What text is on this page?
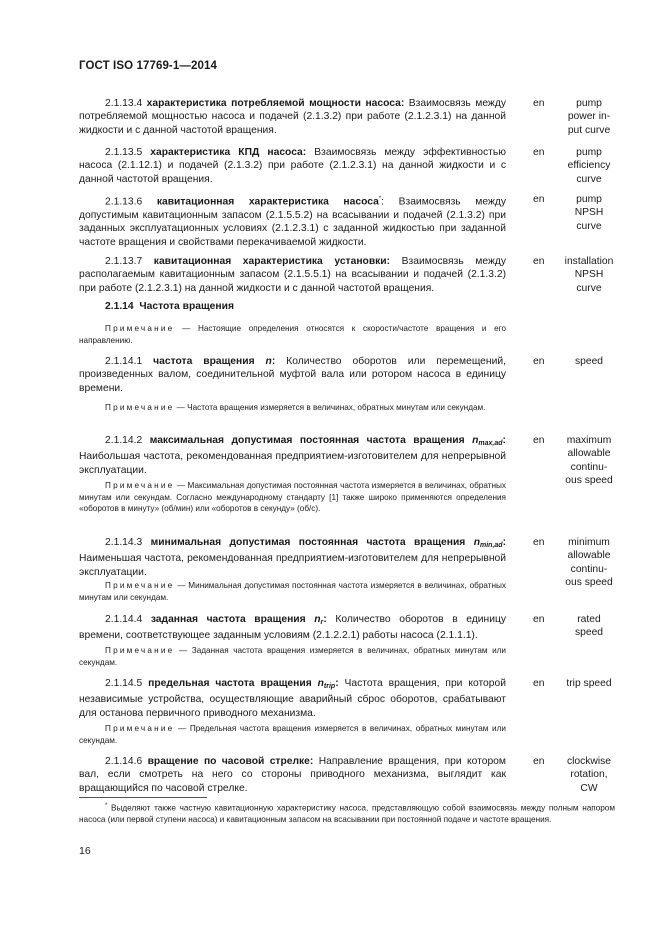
ГОСТ ISO 17769-1—2014
2.1.13.4 характеристика потребляемой мощности насоса: Взаимосвязь между потребляемой мощностью насоса и подачей (2.1.3.2) при работе (2.1.2.3.1) на данной жидкости и с данной частотой вращения.
en	pump
power in-
put curve
2.1.13.5 характеристика КПД насоса: Взаимосвязь между эффективностью насоса (2.1.12.1) и подачей (2.1.3.2) при работе (2.1.2.3.1) на данной жидкости и с данной частотой вращения.
en	pump
efficiency
curve
2.1.13.6 кавитационная характеристика насоса*: Взаимосвязь между допустимым кавитационным запасом (2.1.5.5.2) на всасывании и подачей (2.1.3.2) при заданных эксплуатационных условиях (2.1.2.3.1) с заданной жидкостью при заданной частоте вращения и свойствами перекачиваемой жидкости.
en	pump
NPSH
curve
2.1.13.7 кавитационная характеристика установки: Взаимосвязь между располагаемым кавитационным запасом (2.1.5.5.1) на всасывании и подачей (2.1.3.2) при работе (2.1.2.3.1) на данной жидкости и с данной частотой вращения.
en	installation
NPSH
curve
2.1.14 Частота вращения
Примечание — Настоящие определения относятся к скорости/частоте вращения и его направлению.
2.1.14.1 частота вращения n: Количество оборотов или перемещений, произведенных валом, соединительной муфтой вала или ротором насоса в единицу времени.
en	speed
Примечание — Частота вращения измеряется в величинах, обратных минутам или секундам.
2.1.14.2 максимальная допустимая постоянная частота вращения $n_{max,ad}$: Наибольшая частота, рекомендованная предприятием-изготовителем для непрерывной эксплуатации.
en	maximum
allowable
continu-
ous speed
Примечание — Максимальная допустимая постоянная частота измеряется в величинах, обратных минутам или секундам. Согласно международному стандарту [1] также широко применяются определения «оборотов в минуту» (об/мин) или «оборотов в секунду» (об/с).
2.1.14.3 минимальная допустимая постоянная частота вращения $n_{min,ad}$: Наименьшая частота, рекомендованная предприятием-изготовителем для непрерывной эксплуатации.
en	minimum
allowable
continu-
ous speed
Примечание — Минимальная допустимая постоянная частота измеряется в величинах, обратных минутам или секундам.
2.1.14.4 заданная частота вращения $n_r$: Количество оборотов в единицу времени, соответствующее заданным условиям (2.1.2.2.1) работы насоса (2.1.1.1).
en	rated
speed
Примечание — Заданная частота вращения измеряется в величинах, обратных минутам или секундам.
2.1.14.5 предельная частота вращения $n_{trip}$: Частота вращения, при которой независимые устройства, осуществляющие аварийный сброс оборотов, срабатывают для останова первичного приводного механизма.
en	trip speed
Примечание — Предельная частота вращения измеряется в величинах, обратных минутам или секундам.
2.1.14.6 вращение по часовой стрелке: Направление вращения, при котором вал, если смотреть на него со стороны приводного механизма, выглядит как вращающийся по часовой стрелке.
en	clockwise
rotation,
CW
* Выделяют также частную кавитационную характеристику насоса, представляющую собой взаимосвязь между полным напором насоса (или первой ступени насоса) и кавитационным запасом на всасывании при постоянной подаче и частоте вращения.
16
